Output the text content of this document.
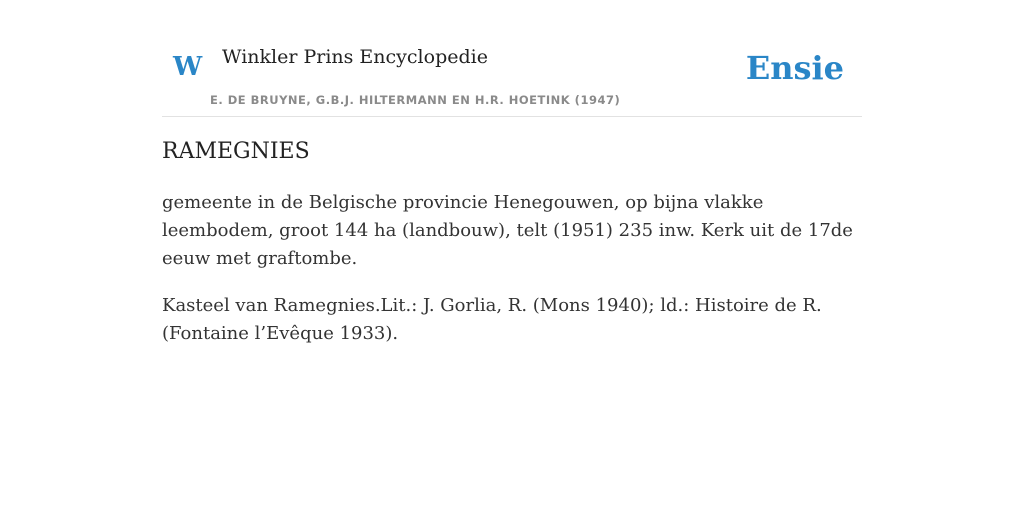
W Winkler Prins Encyclopedie
E. DE BRUYNE, G.B.J. HILTERMANN EN H.R. HOETINK (1947)
Ensie
RAMEGNIES

gemeente in de Belgische provincie Henegouwen, op bijna vlakke leembodem, groot 144 ha (landbouw), telt (1951) 235 inw. Kerk uit de 17de eeuw met graftombe.

Kasteel van Ramegnies.Lit.: J. Gorlia, R. (Mons 1940); ld.: Histoire de R. (Fontaine l’Evêque 1933).
